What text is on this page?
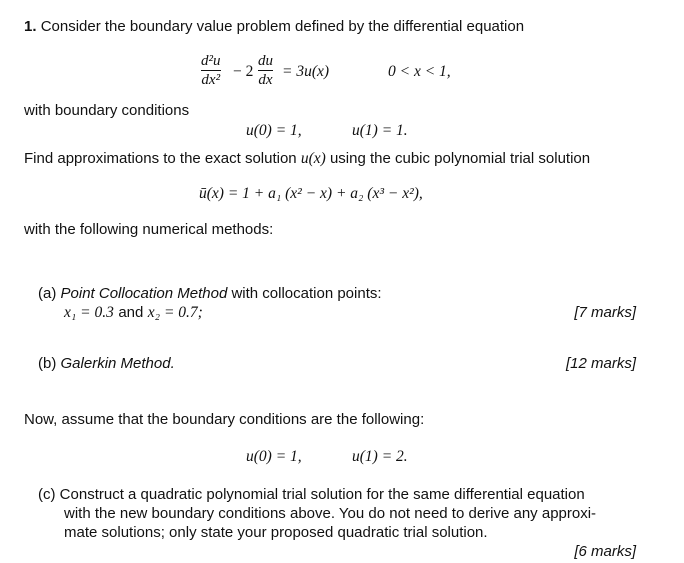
1. Consider the boundary value problem defined by the differential equation
d²u
dx² − 2
du
dx = 3u(x)	0 < x < 1,
with boundary conditions
u(0) = 1,	u(1) = 1.
Find approximations to the exact solution u(x) using the cubic polynomial trial solution
ū(x) = 1 + a₁ (x² − x) + a₂ (x³ − x²),
with the following numerical methods:
(a) Point Collocation Method with collocation points:
x₁ = 0.3 and x₂ = 0.7;	[7 marks]
(b) Galerkin Method.	[12 marks]
Now, assume that the boundary conditions are the following:
u(0) = 1,	u(1) = 2.
(c) Construct a quadratic polynomial trial solution for the same differential equation
with the new boundary conditions above. You do not need to derive any approxi-
mate solutions; only state your proposed quadratic trial solution.
[6 marks]
